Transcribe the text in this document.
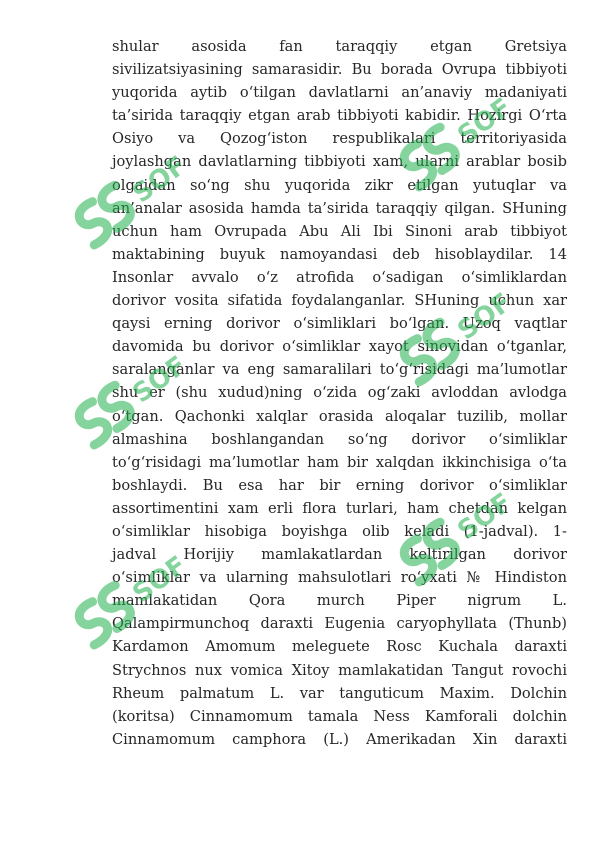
shular asosida fan taraqqiy etgan Gretsiya
sivilizatsiyasining samarasidir. Bu borada Ovrupa tibbiyoti
yuqorida aytib o‘tilgan davlatlarni an’anaviy madaniyati
ta’sirida taraqqiy etgan arab tibbiyoti kabidir. Hozirgi O‘rta
Osiyo va Qozog‘iston respublikalari territoriyasida
joylashgan davlatlarning tibbiyoti xam, ularni arablar bosib
olgaidan so‘ng shu yuqorida zikr etilgan yutuqlar va
an’analar asosida hamda ta’sirida taraqqiy qilgan. SHuning
uchun ham Ovrupada Abu Ali Ibi Sinoni arab tibbiyot
maktabining buyuk namoyandasi deb hisoblaydilar. 14
Insonlar avvalo o‘z atrofida o‘sadigan o‘simliklardan
dorivor vosita sifatida foydalanganlar. SHuning uchun xar
qaysi erning dorivor o‘simliklari bo‘lgan. Uzoq vaqtlar
davomida bu dorivor o‘simliklar xayot sinovidan o‘tganlar,
saralanganlar va eng samaralilari to‘g‘risidagi ma’lumotlar
shu er (shu xudud)ning o‘zida og‘zaki avloddan avlodga
o‘tgan. Qachonki xalqlar orasida aloqalar tuzilib, mollar
almashina boshlangandan so‘ng dorivor o‘simliklar
to‘g‘risidagi ma’lumotlar ham bir xalqdan ikkinchisiga o‘ta
boshlaydi. Bu esa har bir erning dorivor o‘simliklar
assortimentini xam erli flora turlari, ham chetdan kelgan
o‘simliklar hisobiga boyishga olib keladi (1-jadval). 1-
jadval Horijiy mamlakatlardan keltirilgan dorivor
o‘simliklar va ularning mahsulotlari ro‘yxati № Hindiston
mamlakatidan Qora murch Piper nigrum L.
Qalampirmunchoq daraxti Eugenia caryophyllata (Thunb)
Kardamon Amomum meleguete Rosc Kuchala daraxti
Strychnos nux vomica Xitoy mamlakatidan Tangut rovochi
Rheum palmatum L. var tanguticum Maxim. Dolchin
(koritsa) Cinnamomum tamala Ness Kamforali dolchin
Cinnamomum camphora (L.) Amerikadan Xin daraxti
SOF
SOF
SOF
SOF
SOF
SOF
